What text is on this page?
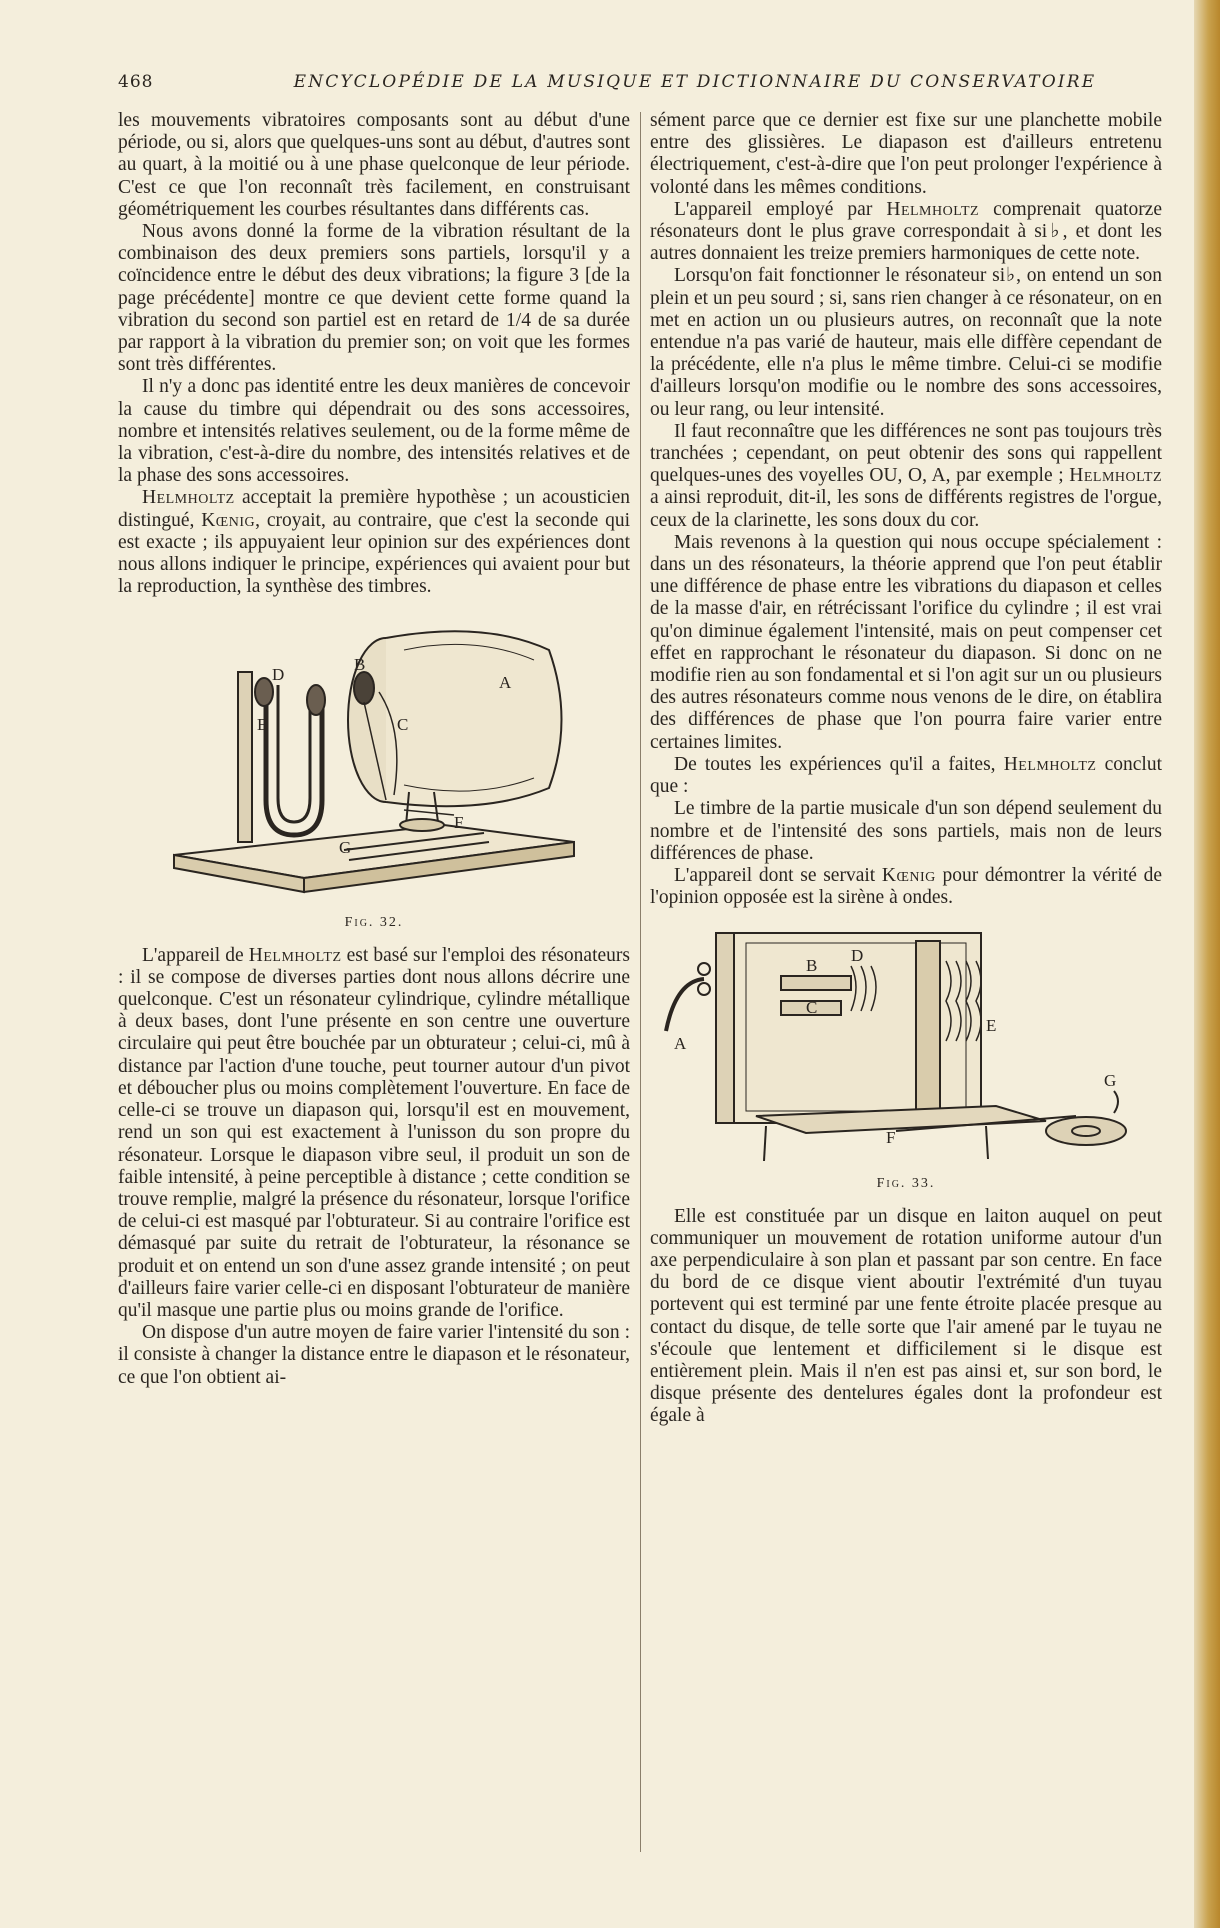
468	ENCYCLOPÉDIE DE LA MUSIQUE ET DICTIONNAIRE DU CONSERVATOIRE

les mouvements vibratoires composants sont au début d'une période, ou si, alors que quelques-uns sont au début, d'autres sont au quart, à la moitié ou à une phase quelconque de leur période. C'est ce que l'on reconnaît très facilement, en construisant géométriquement les courbes résultantes dans différents cas.

Nous avons donné la forme de la vibration résultant de la combinaison des deux premiers sons partiels, lorsqu'il y a coïncidence entre le début des deux vibrations; la figure 3 [de la page précédente] montre ce que devient cette forme quand la vibration du second son partiel est en retard de 1/4 de sa durée par rapport à la vibration du premier son; on voit que les formes sont très différentes.

Il n'y a donc pas identité entre les deux manières de concevoir la cause du timbre qui dépendrait ou des sons accessoires, nombre et intensités relatives seulement, ou de la forme même de la vibration, c'est-à-dire du nombre, des intensités relatives et de la phase des sons accessoires.

Helmholtz acceptait la première hypothèse ; un acousticien distingué, Kœnig, croyait, au contraire, que c'est la seconde qui est exacte ; ils appuyaient leur opinion sur des expériences dont nous allons indiquer le principe, expériences qui avaient pour but la reproduction, la synthèse des timbres.

A
B
C
D
E
F
G
Fig. 32.

L'appareil de Helmholtz est basé sur l'emploi des résonateurs : il se compose de diverses parties dont nous allons décrire une quelconque. C'est un résonateur cylindrique, cylindre métallique à deux bases, dont l'une présente en son centre une ouverture circulaire qui peut être bouchée par un obturateur ; celui-ci, mû à distance par l'action d'une touche, peut tourner autour d'un pivot et déboucher plus ou moins complètement l'ouverture. En face de celle-ci se trouve un diapason qui, lorsqu'il est en mouvement, rend un son qui est exactement à l'unisson du son propre du résonateur. Lorsque le diapason vibre seul, il produit un son de faible intensité, à peine perceptible à distance ; cette condition se trouve remplie, malgré la présence du résonateur, lorsque l'orifice de celui-ci est masqué par l'obturateur. Si au contraire l'orifice est démasqué par suite du retrait de l'obturateur, la résonance se produit et on entend un son d'une assez grande intensité ; on peut d'ailleurs faire varier celle-ci en disposant l'obturateur de manière qu'il masque une partie plus ou moins grande de l'orifice.

On dispose d'un autre moyen de faire varier l'intensité du son : il consiste à changer la distance entre le diapason et le résonateur, ce que l'on obtient ai-

sément parce que ce dernier est fixe sur une planchette mobile entre des glissières. Le diapason est d'ailleurs entretenu électriquement, c'est-à-dire que l'on peut prolonger l'expérience à volonté dans les mêmes conditions.

L'appareil employé par Helmholtz comprenait quatorze résonateurs dont le plus grave correspondait à si♭, et dont les autres donnaient les treize premiers harmoniques de cette note.

Lorsqu'on fait fonctionner le résonateur si♭, on entend un son plein et un peu sourd ; si, sans rien changer à ce résonateur, on en met en action un ou plusieurs autres, on reconnaît que la note entendue n'a pas varié de hauteur, mais elle diffère cependant de la précédente, elle n'a plus le même timbre. Celui-ci se modifie d'ailleurs lorsqu'on modifie ou le nombre des sons accessoires, ou leur rang, ou leur intensité.

Il faut reconnaître que les différences ne sont pas toujours très tranchées ; cependant, on peut obtenir des sons qui rappellent quelques-unes des voyelles OU, O, A, par exemple ; Helmholtz a ainsi reproduit, dit-il, les sons de différents registres de l'orgue, ceux de la clarinette, les sons doux du cor.

Mais revenons à la question qui nous occupe spécialement : dans un des résonateurs, la théorie apprend que l'on peut établir une différence de phase entre les vibrations du diapason et celles de la masse d'air, en rétrécissant l'orifice du cylindre ; il est vrai qu'on diminue également l'intensité, mais on peut compenser cet effet en rapprochant le résonateur du diapason. Si donc on ne modifie rien au son fondamental et si l'on agit sur un ou plusieurs des autres résonateurs comme nous venons de le dire, on établira des différences de phase que l'on pourra faire varier entre certaines limites.

De toutes les expériences qu'il a faites, Helmholtz conclut que :

Le timbre de la partie musicale d'un son dépend seulement du nombre et de l'intensité des sons partiels, mais non de leurs différences de phase.

L'appareil dont se servait Kœnig pour démontrer la vérité de l'opinion opposée est la sirène à ondes.

A
B
C
D
E
F
G
Fig. 33.

Elle est constituée par un disque en laiton auquel on peut communiquer un mouvement de rotation uniforme autour d'un axe perpendiculaire à son plan et passant par son centre. En face du bord de ce disque vient aboutir l'extrémité d'un tuyau portevent qui est terminé par une fente étroite placée presque au contact du disque, de telle sorte que l'air amené par le tuyau ne s'écoule que lentement et difficilement si le disque est entièrement plein. Mais il n'en est pas ainsi et, sur son bord, le disque présente des dentelures égales dont la profondeur est égale à
